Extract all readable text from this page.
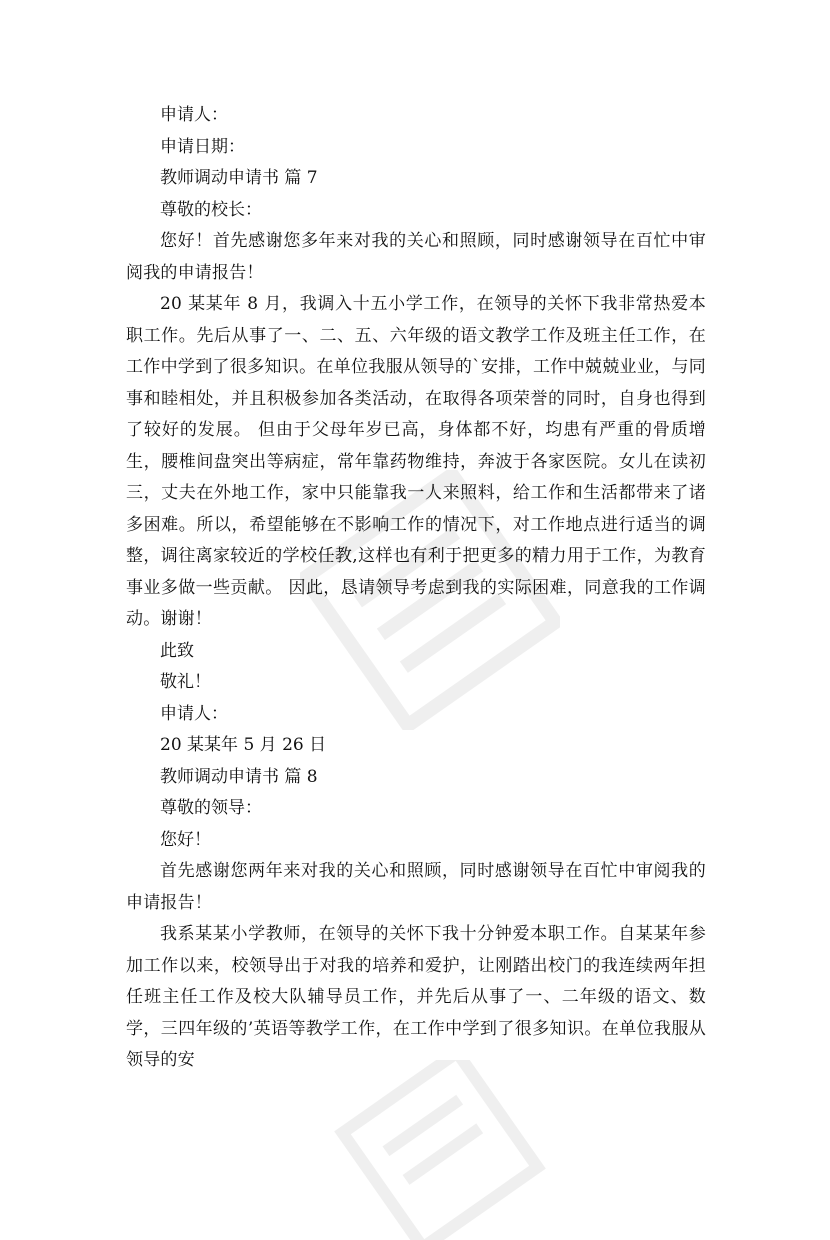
申请人：

申请日期：

教师调动申请书 篇 7

尊敬的校长：

您好！首先感谢您多年来对我的关心和照顾，同时感谢领导在百忙中审阅我的申请报告！

20 某某年 8 月，我调入十五小学工作，在领导的关怀下我非常热爱本职工作。先后从事了一、二、五、六年级的语文教学工作及班主任工作，在工作中学到了很多知识。在单位我服从领导的`安排，工作中兢兢业业，与同事和睦相处，并且积极参加各类活动，在取得各项荣誉的同时，自身也得到了较好的发展。 但由于父母年岁已高，身体都不好，均患有严重的骨质增生，腰椎间盘突出等病症，常年靠药物维持，奔波于各家医院。女儿在读初三，丈夫在外地工作，家中只能靠我一人来照料，给工作和生活都带来了诸多困难。所以，希望能够在不影响工作的情况下，对工作地点进行适当的调整，调往离家较近的学校任教,这样也有利于把更多的精力用于工作，为教育事业多做一些贡献。 因此，恳请领导考虑到我的实际困难，同意我的工作调动。谢谢！

此致

敬礼！

申请人：

20 某某年 5 月 26 日

教师调动申请书 篇 8

尊敬的领导：

您好！

首先感谢您两年来对我的关心和照顾，同时感谢领导在百忙中审阅我的申请报告！

我系某某小学教师，在领导的关怀下我十分钟爱本职工作。自某某年参加工作以来，校领导出于对我的培养和爱护，让刚踏出校门的我连续两年担任班主任工作及校大队辅导员工作，并先后从事了一、二年级的语文、数学，三四年级的’英语等教学工作，在工作中学到了很多知识。在单位我服从领导的安
